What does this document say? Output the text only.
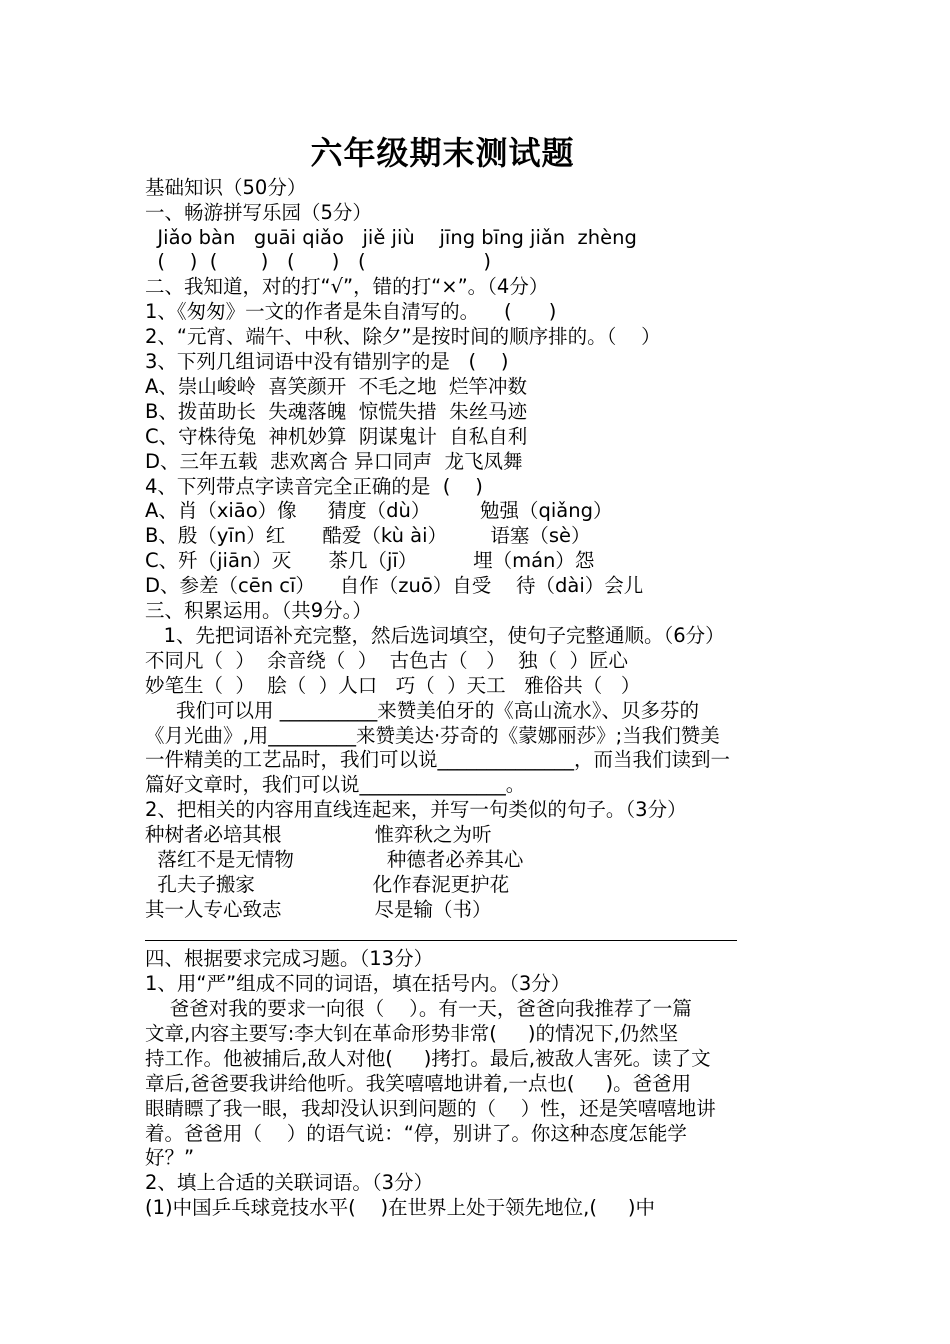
六年级期末测试题
基础知识（50分）
一、畅游拼写乐园（5分）
Jiǎo bàn   guāi qiǎo   jiě jiù    jīng bīng jiǎn  zhèng
(    )  (       )   (      )   (                   )
二、我知道，对的打“√”，错的打“×”。（4分）
1、《匆匆》一文的作者是朱自清写的。    (      )
2、“元宵、端午、中秋、除夕”是按时间的顺序排的。（    ）
3、下列几组词语中没有错别字的是   (    )
A、崇山峻岭  喜笑颜开  不毛之地  烂竿冲数
B、拨苗助长  失魂落魄  惊慌失措  朱丝马迹
C、守株待兔  神机妙算  阴谋鬼计  自私自利
D、三年五载  悲欢离合 异口同声  龙飞凤舞
4、下列带点字读音完全正确的是  (    )
A、肖（xiāo）像     猜度（dù）        勉强（qiǎng）
B、殷（yīn）红      酷爱（kù ài）       语塞（sè）
C、歼（jiān）灭      茶几（jī）         埋（mán）怨
D、参差（cēn cī）    自作（zuō）自受    待（dài）会儿
三、积累运用。（共9分。）
1、先把词语补充完整，然后选词填空，使句子完整通顺。（6分）
不同凡（  ）  余音绕（  ）  古色古（   ）  独（  ）匠心
妙笔生（  ）  脍（  ）人口   巧（  ）天工   雅俗共（   ）
我们可以用 __________来赞美伯牙的《高山流水》、贝多芬的
《月光曲》,用_________来赞美达·芬奇的《蒙娜丽莎》;当我们赞美
一件精美的工艺品时，我们可以说______________，而当我们读到一
篇好文章时，我们可以说_______________。
2、把相关的内容用直线连起来，并写一句类似的句子。（3分）
种树者必培其根               惟弈秋之为听
落红不是无情物               种德者必养其心
孔夫子搬家                   化作春泥更护花
其一人专心致志               尽是输（书）
四、根据要求完成习题。（13分）
1、用“严”组成不同的词语，填在括号内。（3分）
爸爸对我的要求一向很（    ）。有一天，爸爸向我推荐了一篇
文章,内容主要写:李大钊在革命形势非常(     )的情况下,仍然坚
持工作。他被捕后,敌人对他(     )拷打。最后,被敌人害死。读了文
章后,爸爸要我讲给他听。我笑嘻嘻地讲着,一点也(     )。爸爸用
眼睛瞟了我一眼，我却没认识到问题的（    ）性，还是笑嘻嘻地讲
着。爸爸用（    ）的语气说：“停，别讲了。你这种态度怎能学
好？”
2、填上合适的关联词语。（3分）
(1)中国乒乓球竞技水平(    )在世界上处于领先地位,(     )中
